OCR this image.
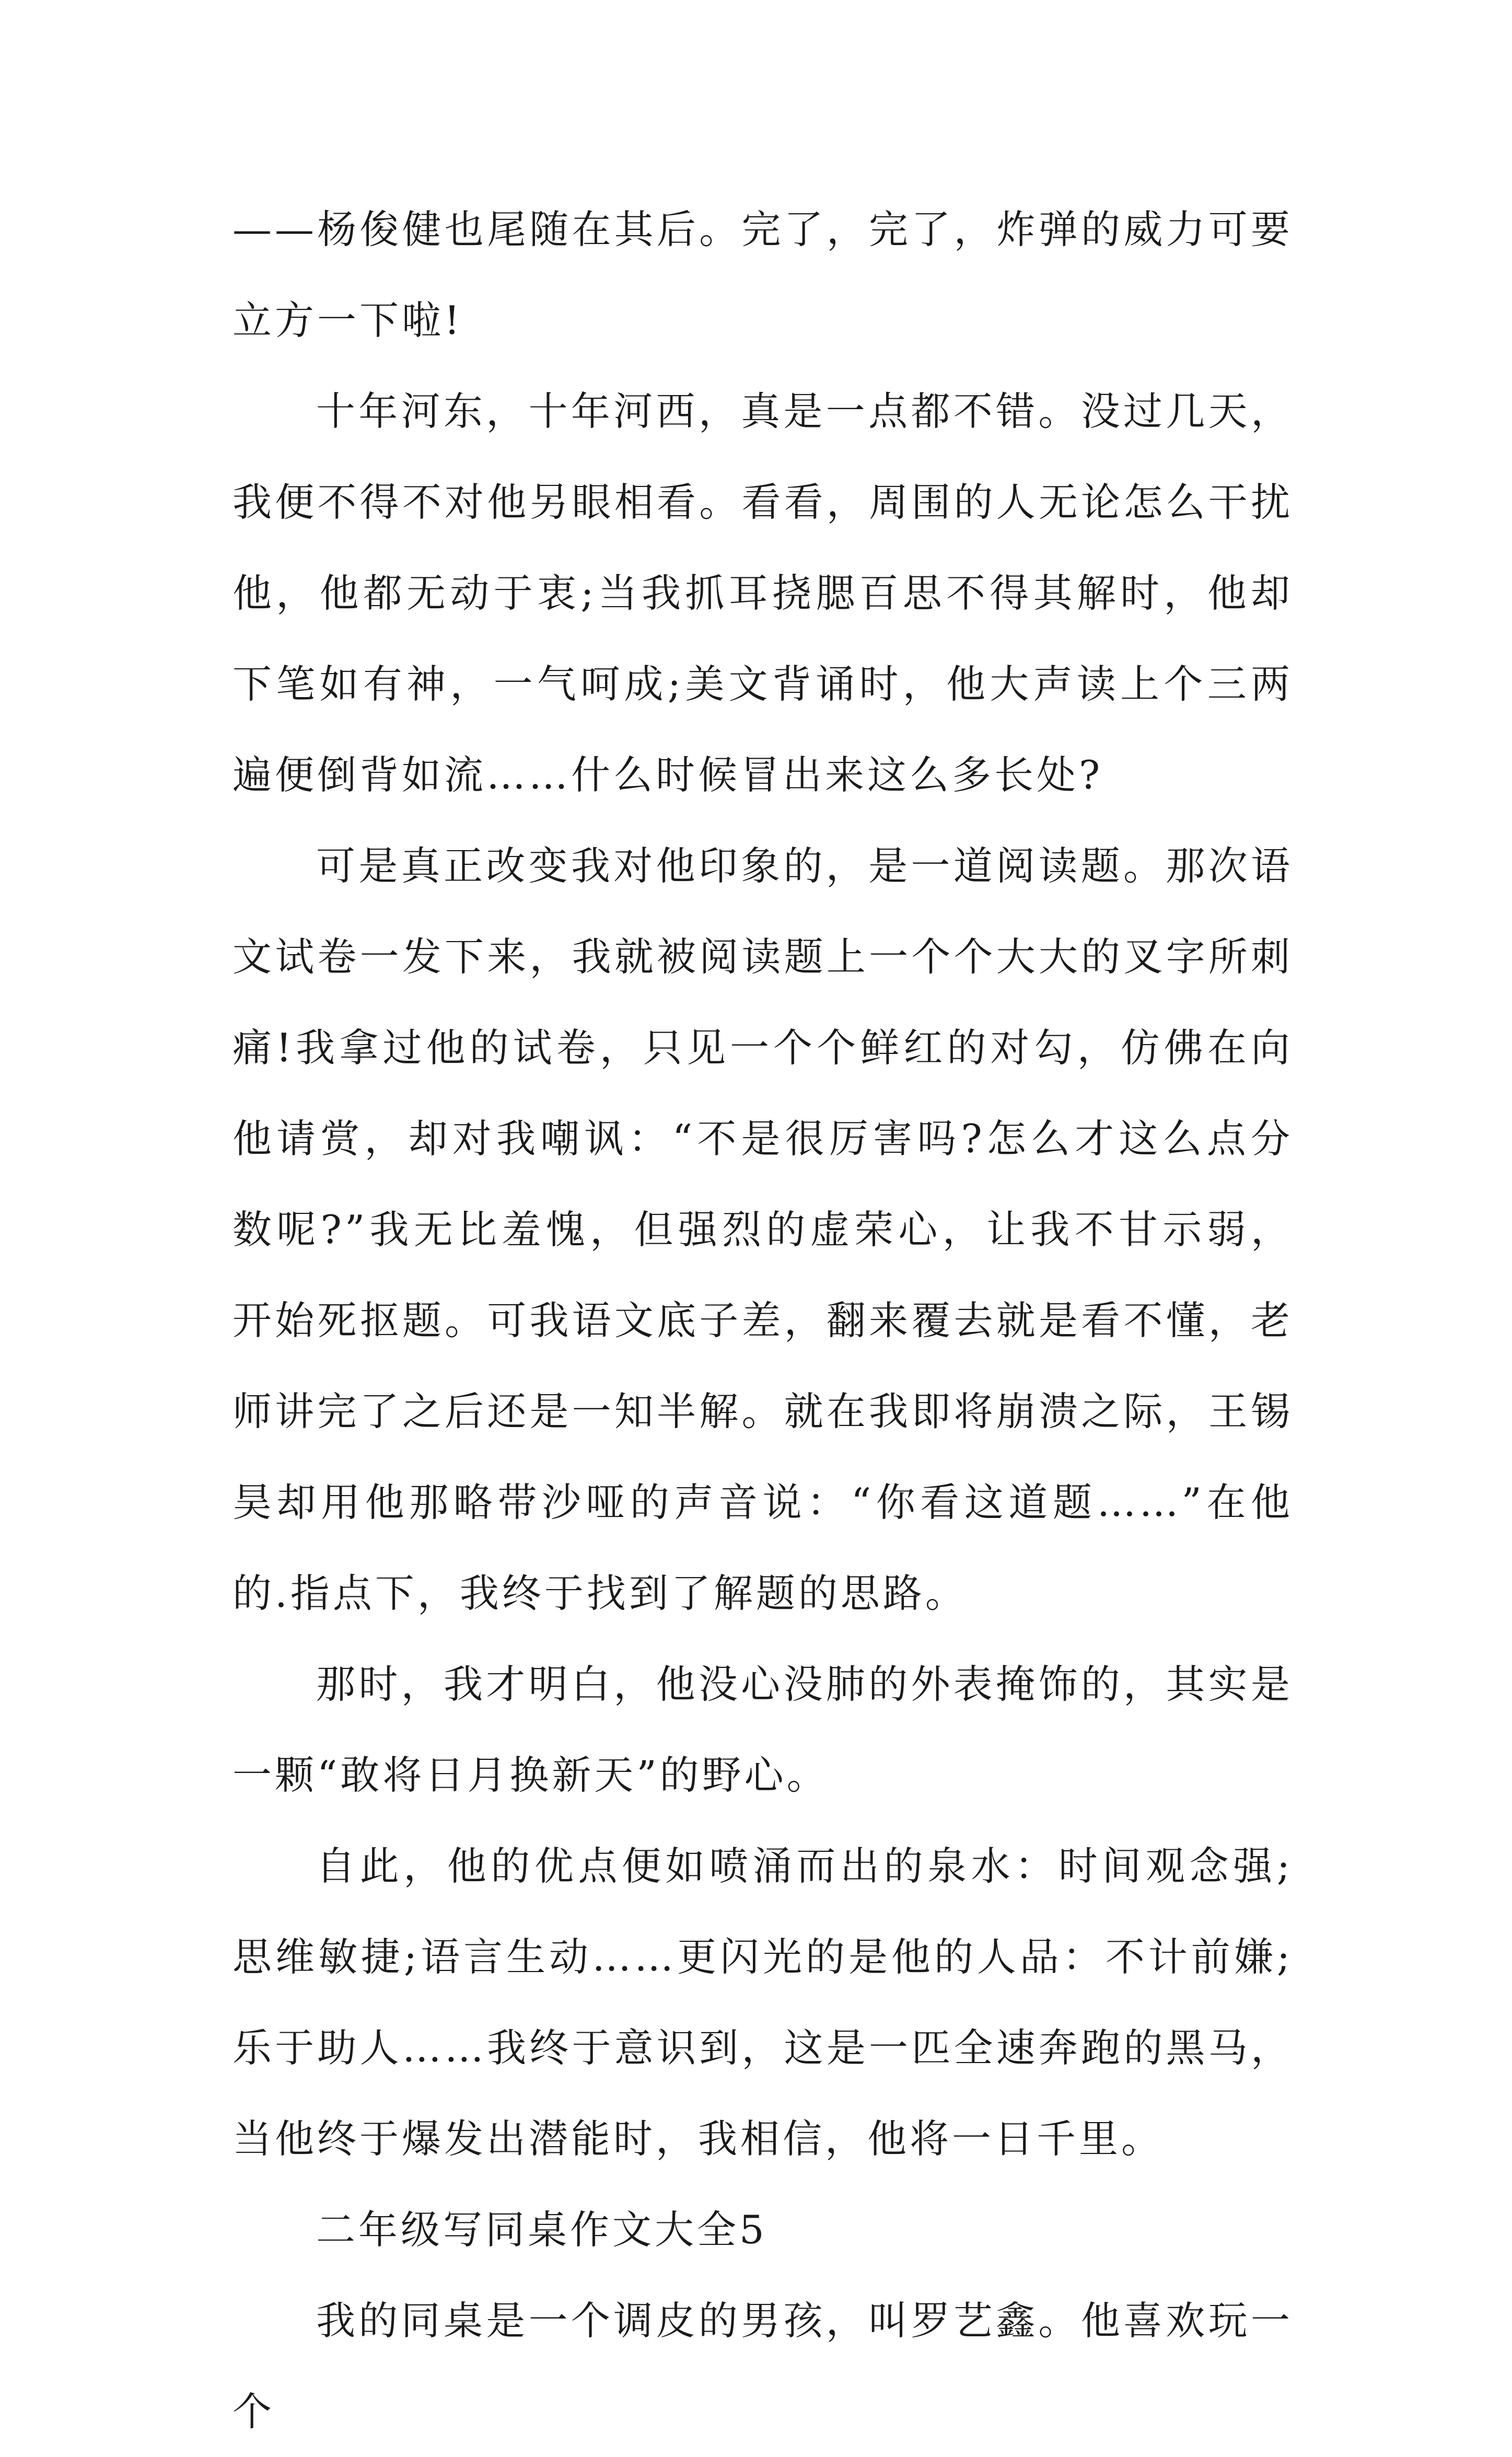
——杨俊健也尾随在其后。完了，完了，炸弹的威力可要立方一下啦!

十年河东，十年河西，真是一点都不错。没过几天，我便不得不对他另眼相看。看看，周围的人无论怎么干扰他，他都无动于衷;当我抓耳挠腮百思不得其解时，他却下笔如有神，一气呵成;美文背诵时，他大声读上个三两遍便倒背如流……什么时候冒出来这么多长处?

可是真正改变我对他印象的，是一道阅读题。那次语文试卷一发下来，我就被阅读题上一个个大大的叉字所刺痛!我拿过他的试卷，只见一个个鲜红的对勾，仿佛在向他请赏，却对我嘲讽：“不是很厉害吗?怎么才这么点分数呢?”我无比羞愧，但强烈的虚荣心，让我不甘示弱，开始死抠题。可我语文底子差，翻来覆去就是看不懂，老师讲完了之后还是一知半解。就在我即将崩溃之际，王锡昊却用他那略带沙哑的声音说：“你看这道题……”在他的.指点下，我终于找到了解题的思路。

那时，我才明白，他没心没肺的外表掩饰的，其实是一颗“敢将日月换新天”的野心。

自此，他的优点便如喷涌而出的泉水：时间观念强;思维敏捷;语言生动……更闪光的是他的人品：不计前嫌;乐于助人……我终于意识到，这是一匹全速奔跑的黑马，当他终于爆发出潜能时，我相信，他将一日千里。

二年级写同桌作文大全5

我的同桌是一个调皮的男孩，叫罗艺鑫。他喜欢玩一个
